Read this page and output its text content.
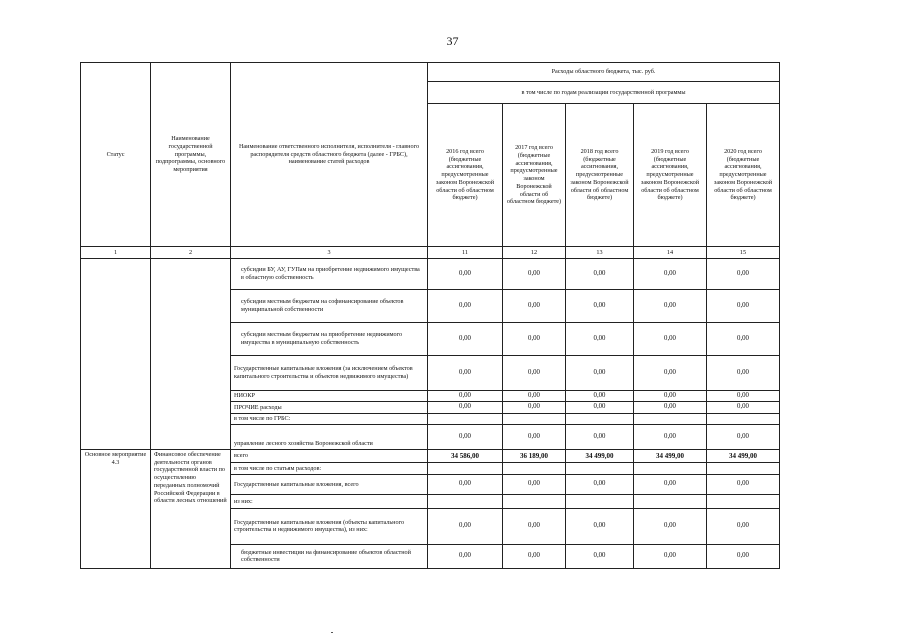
37
Статус	Наименование государственной программы, подпрограммы, основного мероприятия	Наименование ответственного исполнителя, исполнителя - главного распорядителя средств областного бюджета (далее - ГРБС), наименование статей расходов	Расходы областного бюджета, тыс. руб.				
			в том числе по годам реализации государственной программы				
			2016 год всего (бюджетные ассигнования, предусмотренные законом Воронежской области об областном бюджете)	2017 год всего (бюджетные ассигнования, предусмотренные законом Воронежской области об областном бюджете)	2018 год всего (бюджетные ассигнования, предусмотренные законом Воронежской области об областном бюджете)	2019 год всего (бюджетные ассигнования, предусмотренные законом Воронежской области об областном бюджете)	2020 год всего (бюджетные ассигнования, предусмотренные законом Воронежской области об областном бюджете)
1	2	3	11	12	13	14	15
		субсидии БУ, АУ, ГУПам на приобретение недвижимого имущества в областную собственность	0,00	0,00	0,00	0,00	0,00
		субсидии местным бюджетам на софинансирование объектов муниципальной собственности	0,00	0,00	0,00	0,00	0,00
		субсидии местным бюджетам на приобретение недвижимого имущества в муниципальную собственность	0,00	0,00	0,00	0,00	0,00
		Государственные капитальные вложения (за исключением объектов капитального строительства и объектов недвижимого имущества)	0,00	0,00	0,00	0,00	0,00
		НИОКР	0,00	0,00	0,00	0,00	0,00
		ПРОЧИЕ расходы	0,00	0,00	0,00	0,00	0,00
		в том числе по ГРБС:					
		управление лесного хозяйства Воронежской области	0,00	0,00	0,00	0,00	0,00
Основное мероприятие 4.3	Финансовое обеспечение деятельности органов государственной власти по осуществлению переданных полномочий Российской Федерации в области лесных отношений	всего	34 586,00	36 189,00	34 499,00	34 499,00	34 499,00
		в том числе по статьям расходов:					
		Государственные капитальные вложения, всего	0,00	0,00	0,00	0,00	0,00
		из них:					
		Государственные капитальные вложения (объекты капитального строительства и недвижимого имущества), из них:	0,00	0,00	0,00	0,00	0,00
		бюджетные инвестиции на финансирование объектов областной собственности	0,00	0,00	0,00	0,00	0,00
